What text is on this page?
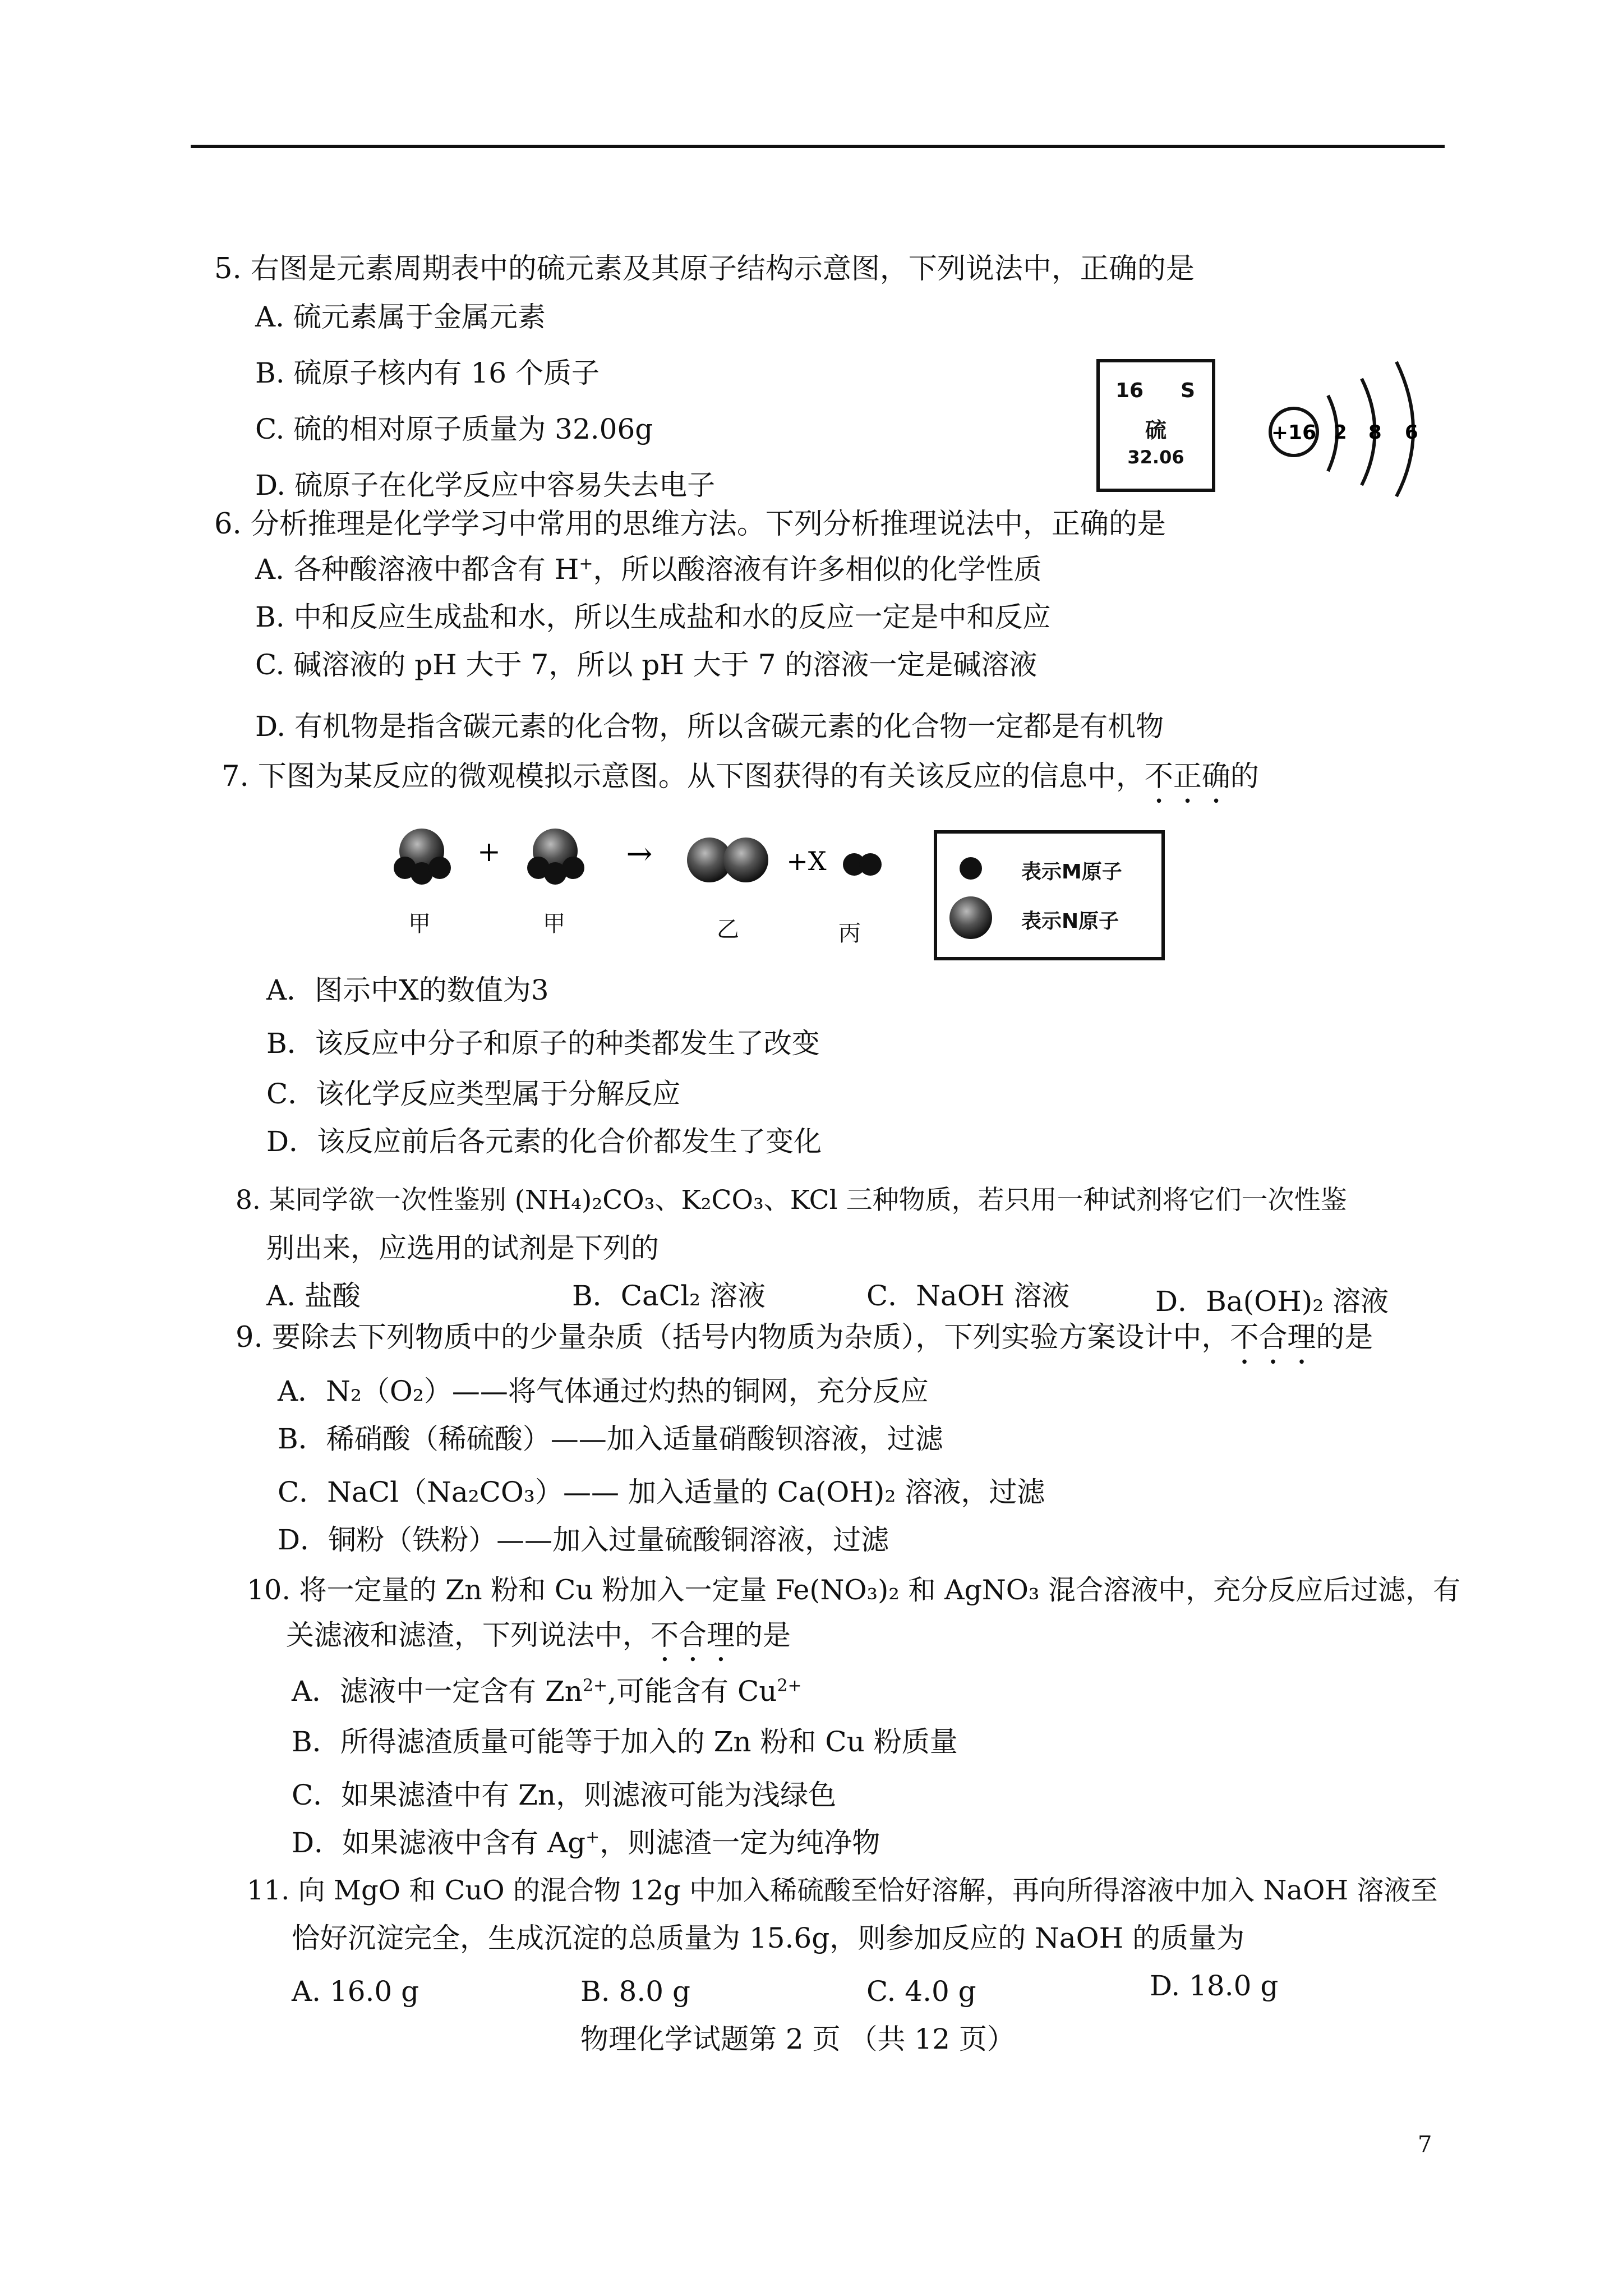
5. 右图是元素周期表中的硫元素及其原子结构示意图，下列说法中，正确的是
A. 硫元素属于金属元素
B. 硫原子核内有 16 个质子
C. 硫的相对原子质量为 32.06g
D. 硫原子在化学反应中容易失去电子
16 S
硫
32.06
+16 2 8 6
6. 分析推理是化学学习中常用的思维方法。下列分析推理说法中，正确的是
A. 各种酸溶液中都含有 H+，所以酸溶液有许多相似的化学性质
B. 中和反应生成盐和水，所以生成盐和水的反应一定是中和反应
C. 碱溶液的 pH 大于 7，所以 pH 大于 7 的溶液一定是碱溶液
D. 有机物是指含碳元素的化合物，所以含碳元素的化合物一定都是有机物
7. 下图为某反应的微观模拟示意图。从下图获得的有关该反应的信息中，不正确的
+	→	+X
甲	甲	乙	丙
表示M原子
表示N原子
A．图示中X的数值为3
B．该反应中分子和原子的种类都发生了改变
C．该化学反应类型属于分解反应
D．该反应前后各元素的化合价都发生了变化
8. 某同学欲一次性鉴别 (NH₄)₂CO₃、K₂CO₃、KCl 三种物质，若只用一种试剂将它们一次性鉴
别出来，应选用的试剂是下列的
A. 盐酸	B．CaCl₂ 溶液	C．NaOH 溶液	D．Ba(OH)₂ 溶液
9. 要除去下列物质中的少量杂质（括号内物质为杂质），下列实验方案设计中，不合理的是
A．N₂（O₂）——将气体通过灼热的铜网，充分反应
B．稀硝酸（稀硫酸）——加入适量硝酸钡溶液，过滤
C．NaCl（Na₂CO₃）—— 加入适量的 Ca(OH)₂ 溶液，过滤
D．铜粉（铁粉）——加入过量硫酸铜溶液，过滤
10. 将一定量的 Zn 粉和 Cu 粉加入一定量 Fe(NO₃)₂ 和 AgNO₃ 混合溶液中，充分反应后过滤，有
关滤液和滤渣，下列说法中，不合理的是
A．滤液中一定含有 $Zn^{2+}$,可能含有 $Cu^{2+}$
B．所得滤渣质量可能等于加入的 Zn 粉和 Cu 粉质量
C．如果滤渣中有 Zn，则滤液可能为浅绿色
D．如果滤液中含有 Ag+，则滤渣一定为纯净物
11. 向 MgO 和 CuO 的混合物 12g 中加入稀硫酸至恰好溶解，再向所得溶液中加入 NaOH 溶液至
恰好沉淀完全，生成沉淀的总质量为 15.6g，则参加反应的 NaOH 的质量为
A. 16.0 g	B. 8.0 g	C. 4.0 g	D. 18.0 g
物理化学试题第 2 页 （共 12 页）
7
